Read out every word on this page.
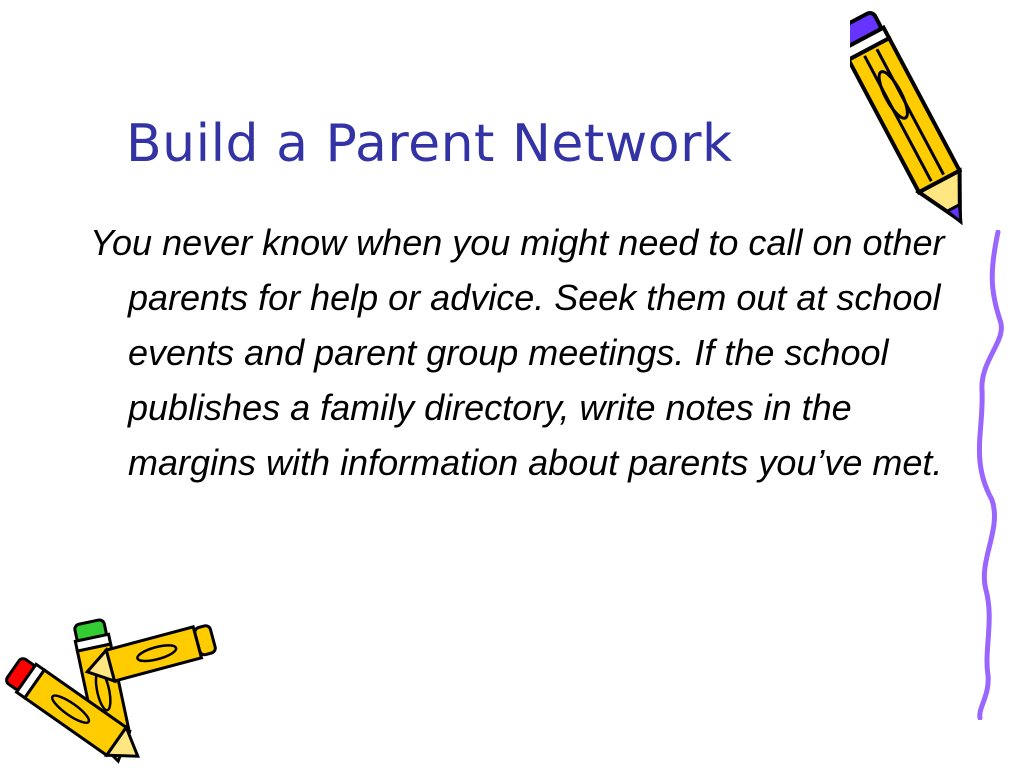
Build a Parent Network

You never know when you might need to call on other parents for help or advice. Seek them out at school events and parent group meetings. If the school publishes a family directory, write notes in the margins with information about parents you’ve met.
